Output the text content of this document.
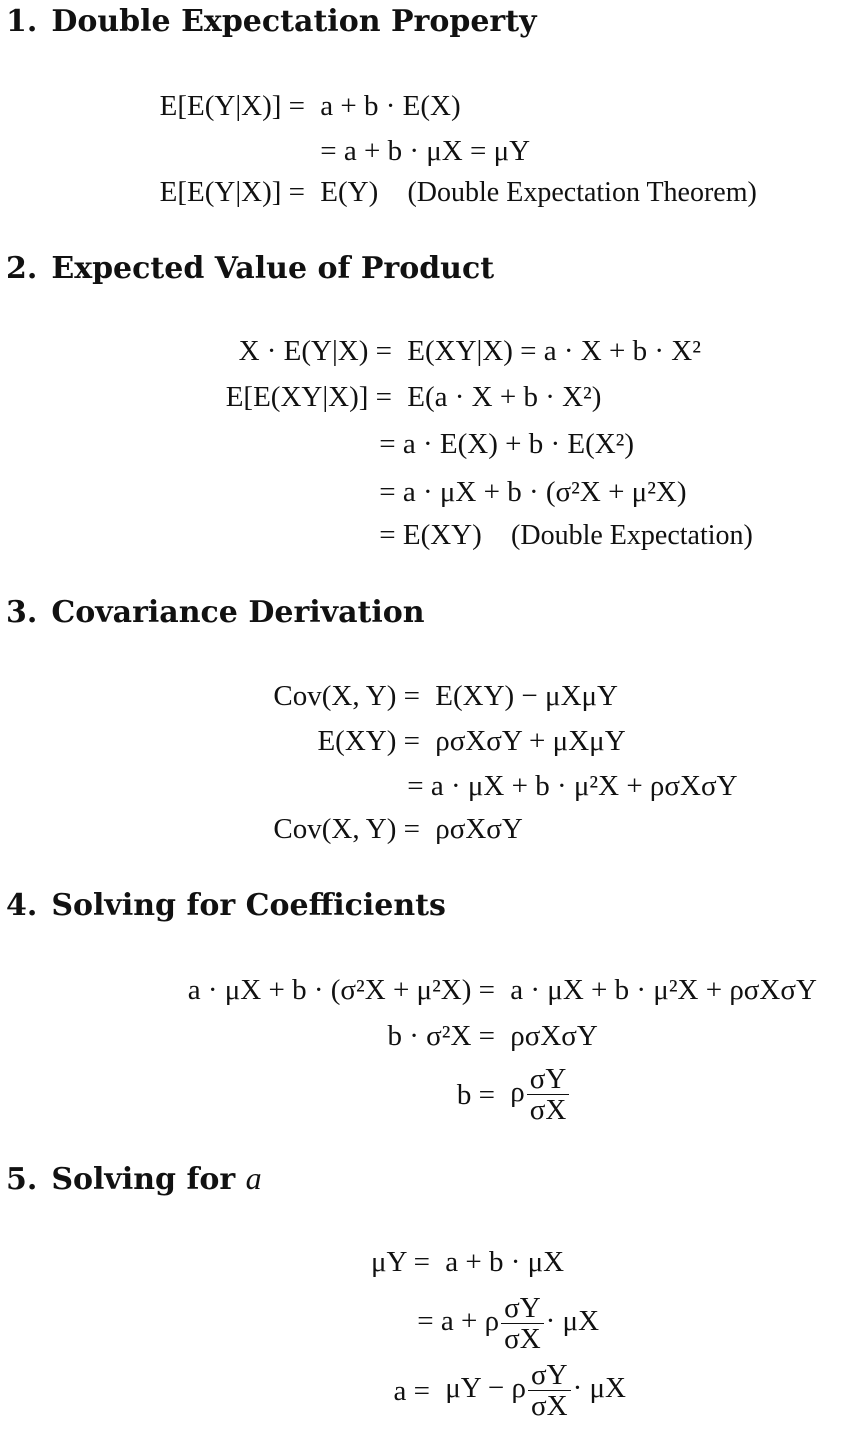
1. Double Expectation Property
E[E(Y|X)] = a + b · E(X)
= a + b · μX = μY
E[E(Y|X)] = E(Y) (Double Expectation Theorem)
2. Expected Value of Product
X · E(Y|X) = E(XY|X) = a · X + b · X²
E[E(XY|X)] = E(a · X + b · X²)
= a · E(X) + b · E(X²)
= a · μX + b · (σ²X + μ²X)
= E(XY) (Double Expectation)
3. Covariance Derivation
Cov(X, Y) = E(XY) − μXμY
E(XY) = ρσXσY + μXμY
= a · μX + b · μ²X + ρσXσY
Cov(X, Y) = ρσXσY
4. Solving for Coefficients
a · μX + b · (σ²X + μ²X) = a · μX + b · μ²X + ρσXσY
b · σ²X = ρσXσY
b = ρ $\frac{\sigma Y}{\sigma X}$
5. Solving for a
μY = a + b · μX
= a + ρ $\frac{\sigma Y}{\sigma X} \cdot \mu X$
a = μY − ρ $\frac{\sigma Y}{\sigma X} \cdot \mu X$
